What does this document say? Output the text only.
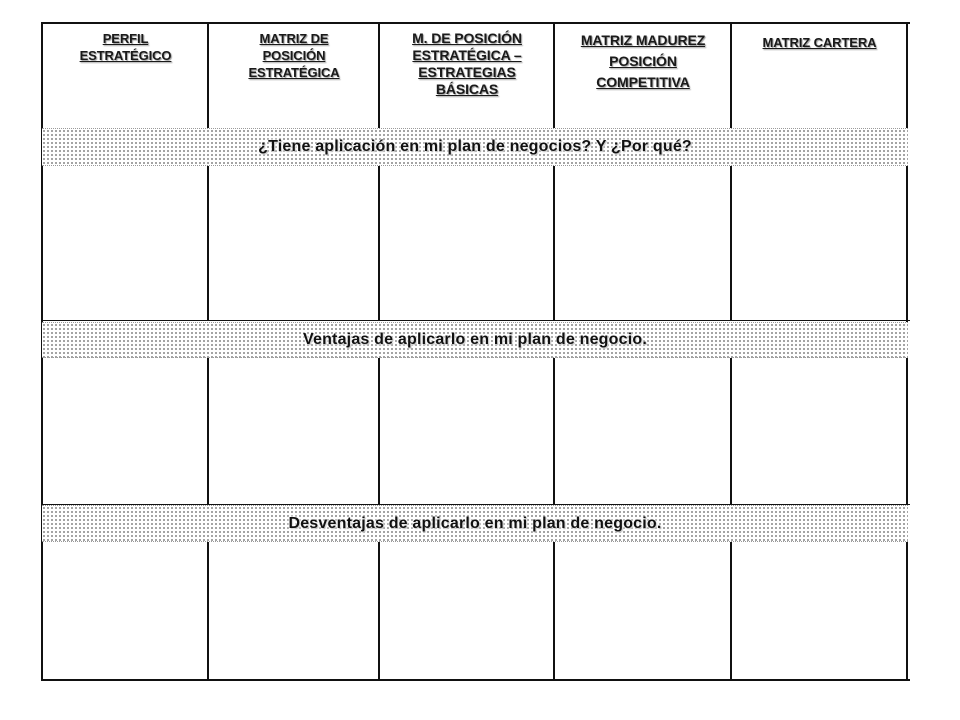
PERFIL
ESTRATÉGICO
MATRIZ DE
POSICIÓN
ESTRATÉGICA
M. DE POSICIÓN
ESTRATÉGICA –
ESTRATEGIAS
BÁSICAS
MATRIZ MADUREZ
POSICIÓN
COMPETITIVA
MATRIZ CARTERA
¿Tiene aplicación en mi plan de negocios? Y ¿Por qué?
Ventajas de aplicarlo en mi plan de negocio.
Desventajas de aplicarlo en mi plan de negocio.
